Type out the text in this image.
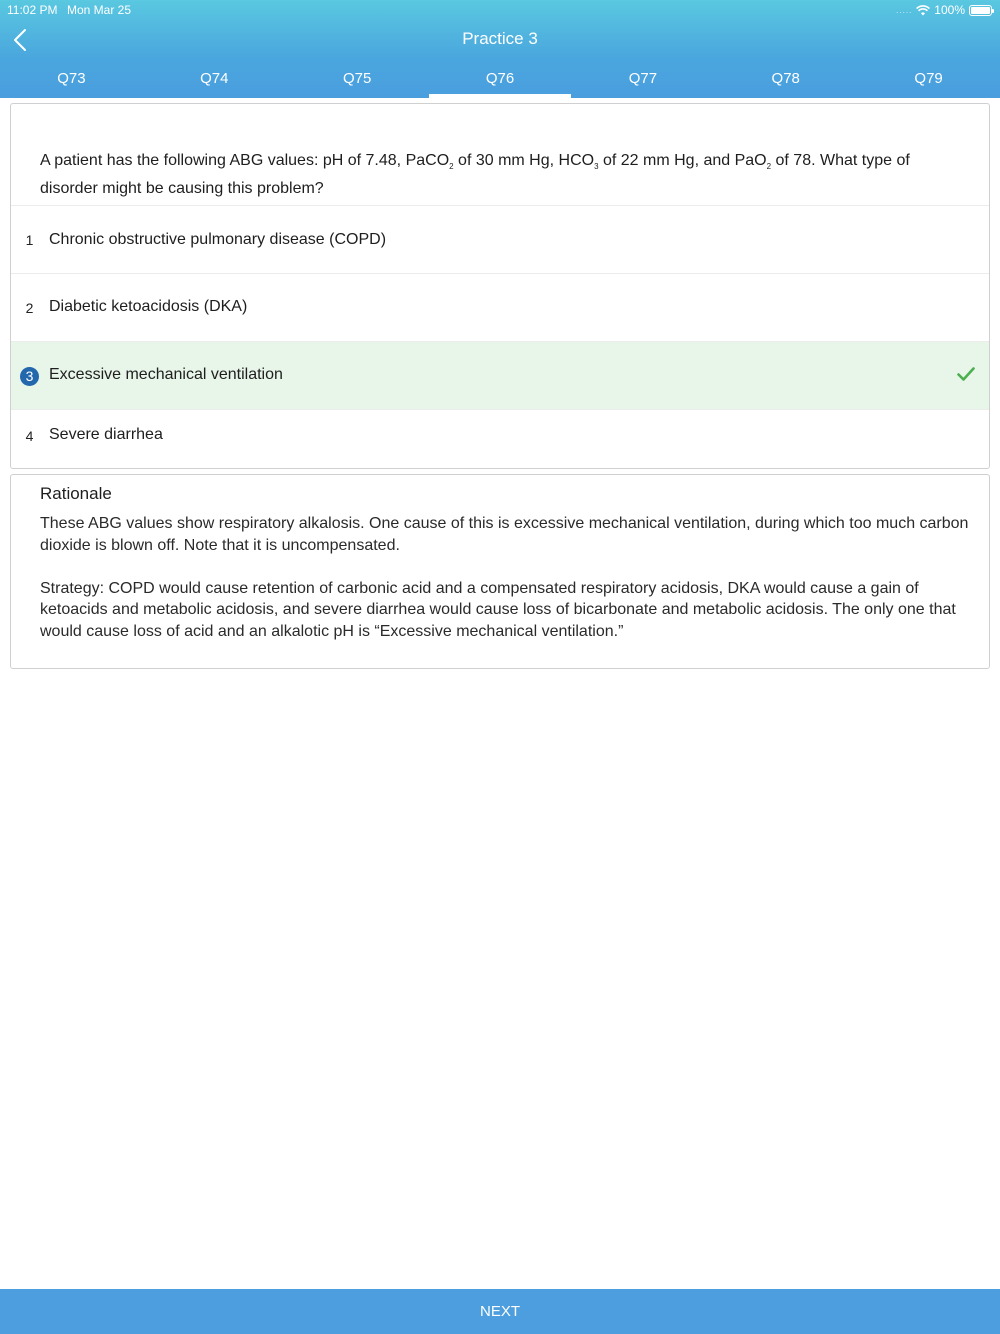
11:02 PM Mon Mar 25	..... 100%
Practice 3
Q73	Q74	Q75	Q76	Q77	Q78	Q79
A patient has the following ABG values: pH of 7.48, PaCO$_2$ of 30 mm Hg, $HCO_3$ of 22 mm Hg, and PaO$_2$ of 78. What type of disorder might be causing this problem?
1 Chronic obstructive pulmonary disease (COPD)
2 Diabetic ketoacidosis (DKA)
3 Excessive mechanical ventilation
4 Severe diarrhea
Rationale

These ABG values show respiratory alkalosis. One cause of this is excessive mechanical ventilation, during which too much carbon dioxide is blown off. Note that it is uncompensated.

Strategy: COPD would cause retention of carbonic acid and a compensated respiratory acidosis, DKA would cause a gain of ketoacids and metabolic acidosis, and severe diarrhea would cause loss of bicarbonate and metabolic acidosis. The only one that would cause loss of acid and an alkalotic pH is “Excessive mechanical ventilation.”

NEXT
